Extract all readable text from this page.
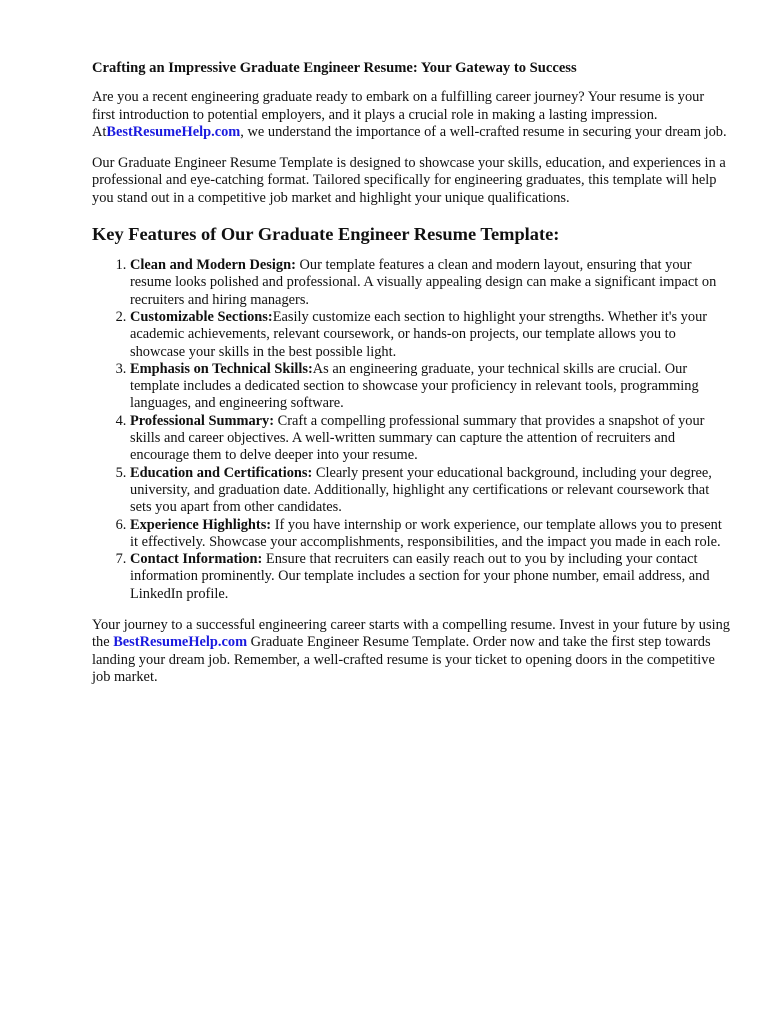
Crafting an Impressive Graduate Engineer Resume: Your Gateway to Success

Are you a recent engineering graduate ready to embark on a fulfilling career journey? Your resume is your first introduction to potential employers, and it plays a crucial role in making a lasting impression. AtBestResumeHelp.com, we understand the importance of a well-crafted resume in securing your dream job.

Our Graduate Engineer Resume Template is designed to showcase your skills, education, and experiences in a professional and eye-catching format. Tailored specifically for engineering graduates, this template will help you stand out in a competitive job market and highlight your unique qualifications.

Key Features of Our Graduate Engineer Resume Template:
1. Clean and Modern Design: Our template features a clean and modern layout, ensuring that your resume looks polished and professional. A visually appealing design can make a significant impact on recruiters and hiring managers.
2. Customizable Sections:Easily customize each section to highlight your strengths. Whether it's your academic achievements, relevant coursework, or hands-on projects, our template allows you to showcase your skills in the best possible light.
3. Emphasis on Technical Skills:As an engineering graduate, your technical skills are crucial. Our template includes a dedicated section to showcase your proficiency in relevant tools, programming languages, and engineering software.
4. Professional Summary: Craft a compelling professional summary that provides a snapshot of your skills and career objectives. A well-written summary can capture the attention of recruiters and encourage them to delve deeper into your resume.
5. Education and Certifications: Clearly present your educational background, including your degree, university, and graduation date. Additionally, highlight any certifications or relevant coursework that sets you apart from other candidates.
6. Experience Highlights: If you have internship or work experience, our template allows you to present it effectively. Showcase your accomplishments, responsibilities, and the impact you made in each role.
7. Contact Information: Ensure that recruiters can easily reach out to you by including your contact information prominently. Our template includes a section for your phone number, email address, and LinkedIn profile.

Your journey to a successful engineering career starts with a compelling resume. Invest in your future by using the BestResumeHelp.com Graduate Engineer Resume Template. Order now and take the first step towards landing your dream job. Remember, a well-crafted resume is your ticket to opening doors in the competitive job market.
